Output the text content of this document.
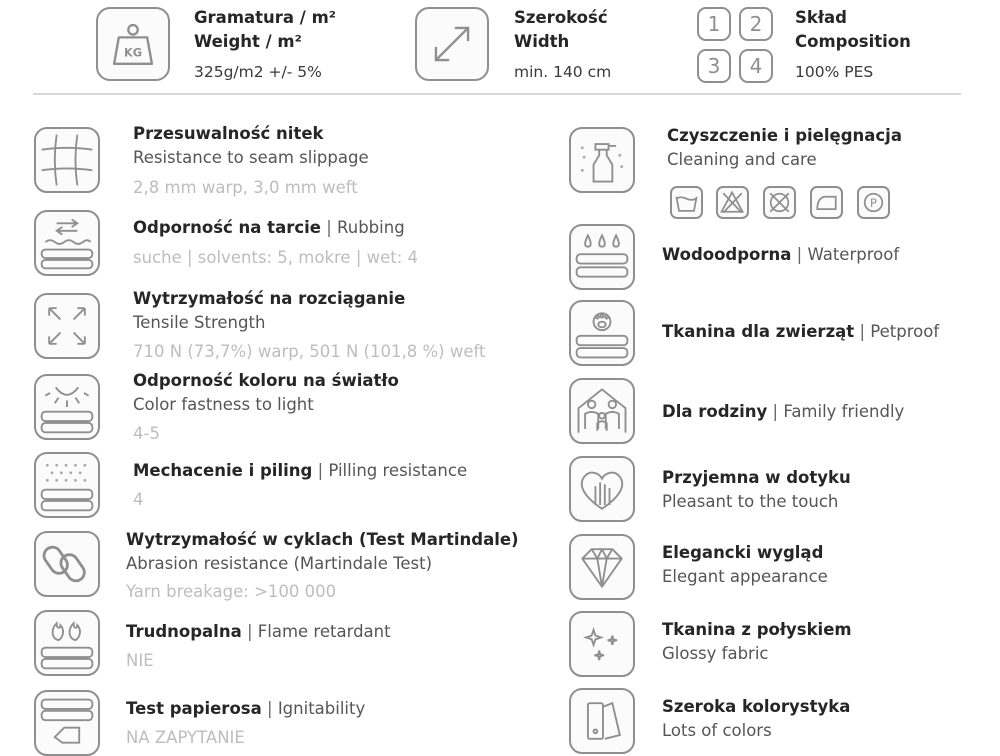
KG
Gramatura / m²
Weight / m²
325g/m2 +/- 5%
Szerokość
Width
min. 140 cm
1	2
3	4
Skład
Composition
100% PES
Przesuwalność nitek
Resistance to seam slippage
2,8 mm warp, 3,0 mm weft
Odporność na tarcie | Rubbing
suche | solvents: 5, mokre | wet: 4
Wytrzymałość na rozciąganie
Tensile Strength
710 N (73,7%) warp, 501 N (101,8 %) weft
Odporność koloru na światło
Color fastness to light
4-5
Mechacenie i piling | Pilling resistance
4
Wytrzymałość w cyklach (Test Martindale)
Abrasion resistance (Martindale Test)
Yarn breakage: >100 000
Trudnopalna | Flame retardant
NIE
Test papierosa | Ignitability
NA ZAPYTANIE
Czyszczenie i pielęgnacja
Cleaning and care
P
Wodoodporna | Waterproof
Tkanina dla zwierząt | Petproof
Dla rodziny | Family friendly
Przyjemna w dotyku
Pleasant to the touch
Elegancki wygląd
Elegant appearance
Tkanina z połyskiem
Glossy fabric
Szeroka kolorystyka
Lots of colors
